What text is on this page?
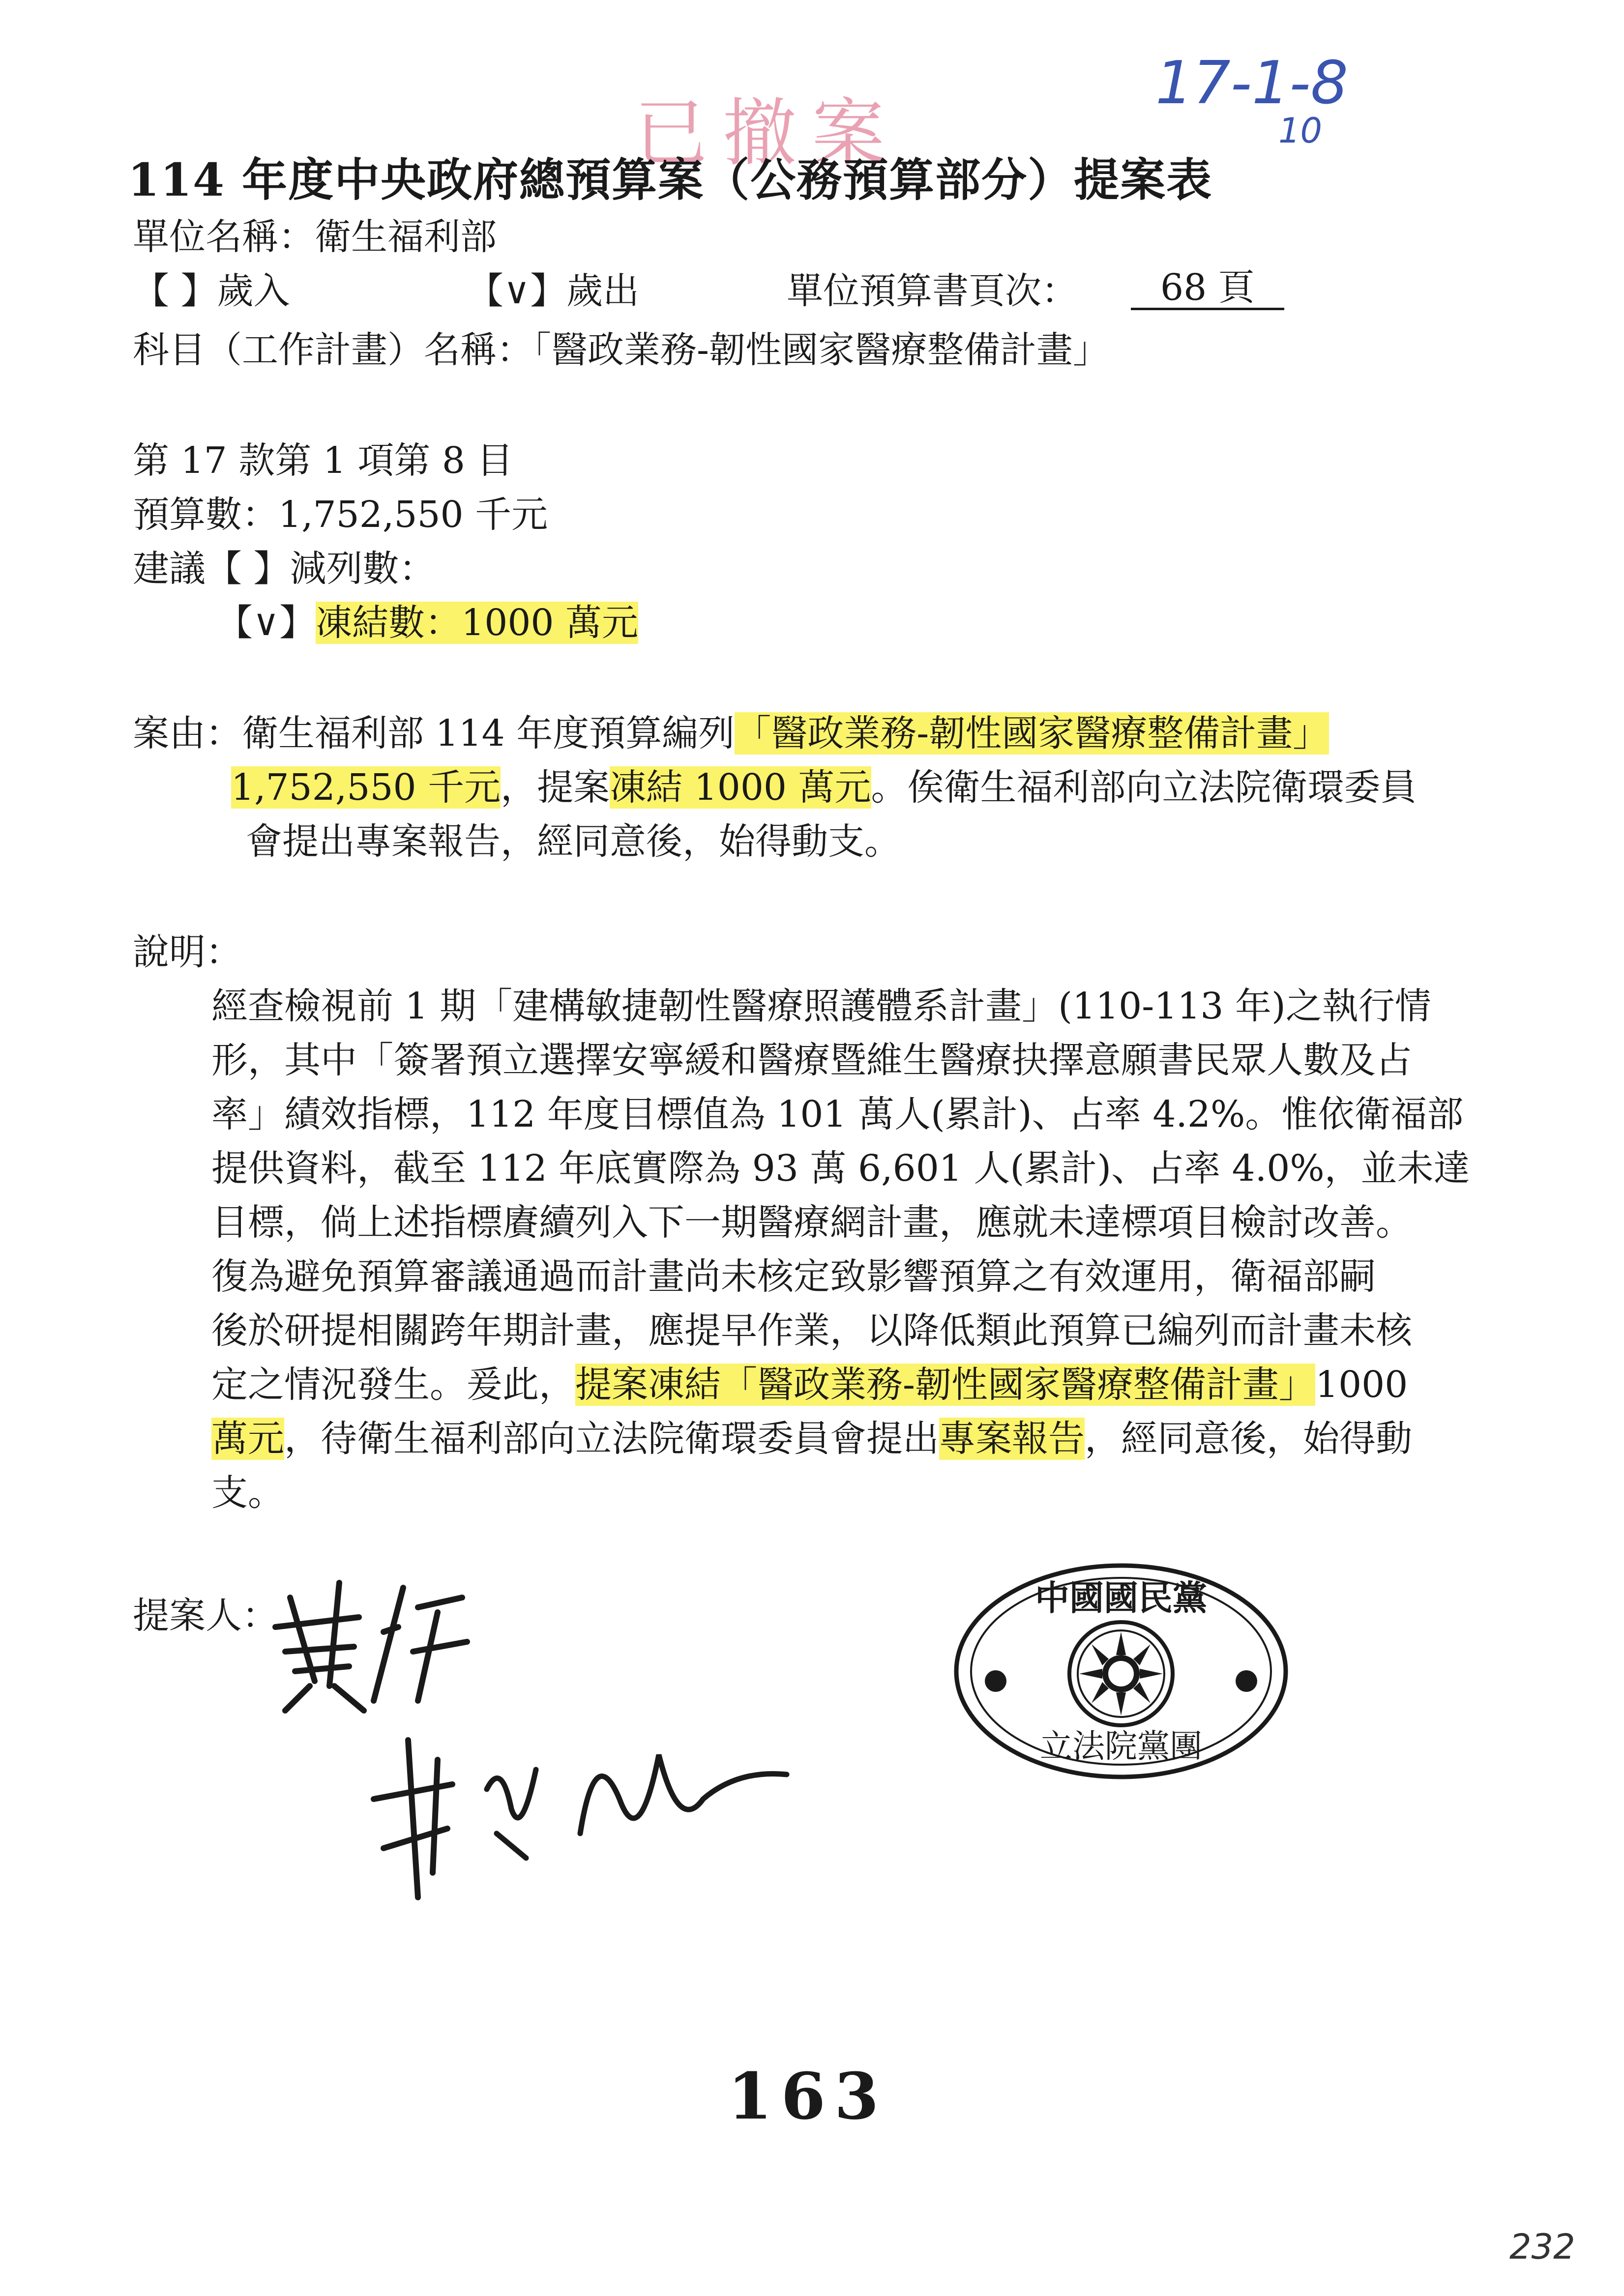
已撤案
17-1-8
10
114 年度中央政府總預算案（公務預算部分）提案表
單位名稱：衛生福利部
【 】歲入	【∨】歲出	單位預算書頁次：	68 頁
科目（工作計畫）名稱：「醫政業務-韌性國家醫療整備計畫」
第 17 款第 1 項第 8 目
預算數：1,752,550 千元
建議【 】減列數：
【∨】凍結數：1000 萬元
案由：衛生福利部 114 年度預算編列「醫政業務-韌性國家醫療整備計畫」
1,752,550 千元，提案凍結 1000 萬元。俟衛生福利部向立法院衛環委員
會提出專案報告，經同意後，始得動支。
說明：
經查檢視前 1 期「建構敏捷韌性醫療照護體系計畫」(110-113 年)之執行情
形，其中「簽署預立選擇安寧緩和醫療暨維生醫療抉擇意願書民眾人數及占
率」績效指標，112 年度目標值為 101 萬人(累計)、占率 4.2%。惟依衛福部
提供資料，截至 112 年底實際為 93 萬 6,601 人(累計)、占率 4.0%，並未達
目標，倘上述指標賡續列入下一期醫療網計畫，應就未達標項目檢討改善。
復為避免預算審議通過而計畫尚未核定致影響預算之有效運用，衛福部嗣
後於研提相關跨年期計畫，應提早作業，以降低類此預算已編列而計畫未核
定之情況發生。爰此，提案凍結「醫政業務-韌性國家醫療整備計畫」1000
萬元，待衛生福利部向立法院衛環委員會提出專案報告，經同意後，始得動
支。
提案人：	中國國民黨
立法院黨團
163
232
